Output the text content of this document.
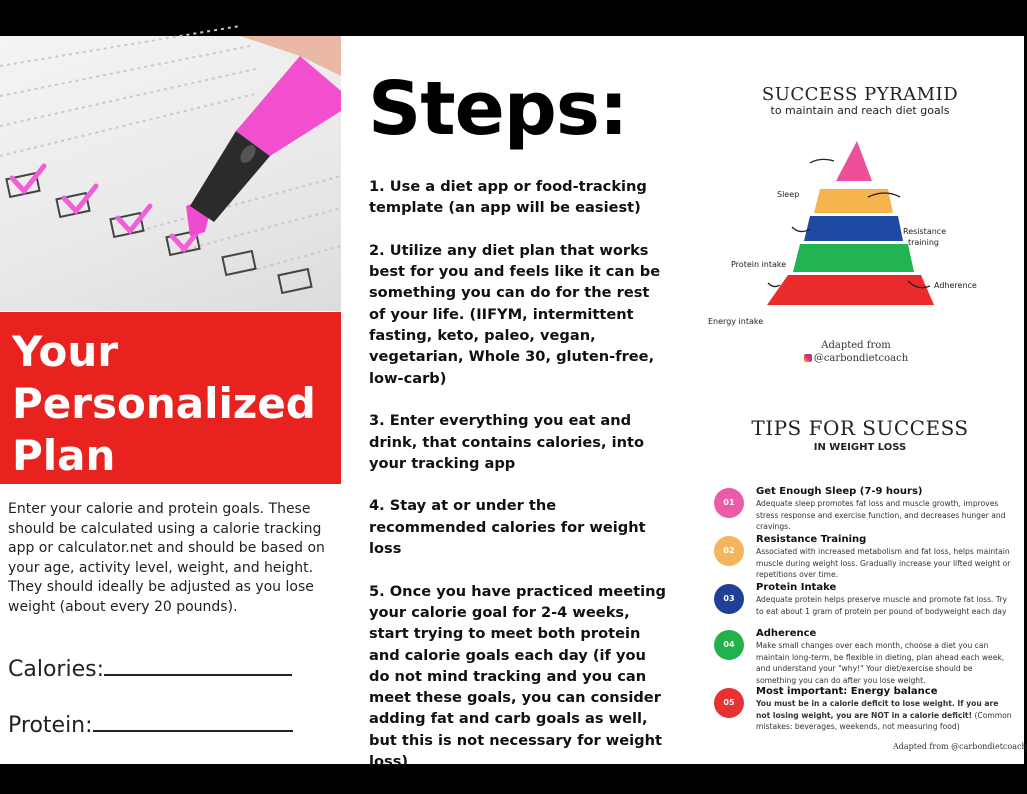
Your
Personalized
Plan
Enter your calorie and protein goals. These should be calculated using a calorie tracking app or calculator.net and should be based on your age, activity level, weight, and height. They should ideally be adjusted as you lose weight (about every 20 pounds).
Calories:
Protein:
Steps:
1. Use a diet app or food-tracking template (an app will be easiest)
2. Utilize any diet plan that works best for you and feels like it can be something you can do for the rest of your life. (IIFYM, intermittent fasting, keto, paleo, vegan, vegetarian, Whole 30, gluten-free, low-carb)
3. Enter everything you eat and drink, that contains calories, into your tracking app
4. Stay at or under the recommended calories for weight loss
5. Once you have practiced meeting your calorie goal for 2-4 weeks, start trying to meet both protein and calorie goals each day (if you do not mind tracking and you can meet these goals, you can consider adding fat and carb goals as well, but this is not necessary for weight loss)
SUCCESS PYRAMID
to maintain and reach diet goals
Sleep
Resistance
training
Protein intake
Adherence
Energy intake
Adapted from
@carbondietcoach
TIPS FOR SUCCESS
IN WEIGHT LOSS
01
Get Enough Sleep (7-9 hours)
Adequate sleep promotes fat loss and muscle growth, improves stress response and exercise function, and decreases hunger and cravings.
02
Resistance Training
Associated with increased metabolism and fat loss, helps maintain muscle during weight loss. Gradually increase your lifted weight or repetitions over time.
03
Protein Intake
Adequate protein helps preserve muscle and promote fat loss. Try to eat about 1 gram of protein per pound of bodyweight each day
04
Adherence
Make small changes over each month, choose a diet you can maintain long-term, be flexible in dieting, plan ahead each week, and understand your "why!" Your diet/exercise should be something you can do after you lose weight.
05
Most important: Energy balance
You must be in a calorie deficit to lose weight. If you are not losing weight, you are NOT in a calorie deficit! (Common mistakes: beverages, weekends, not measuring food)
Adapted from @carbondietcoach
